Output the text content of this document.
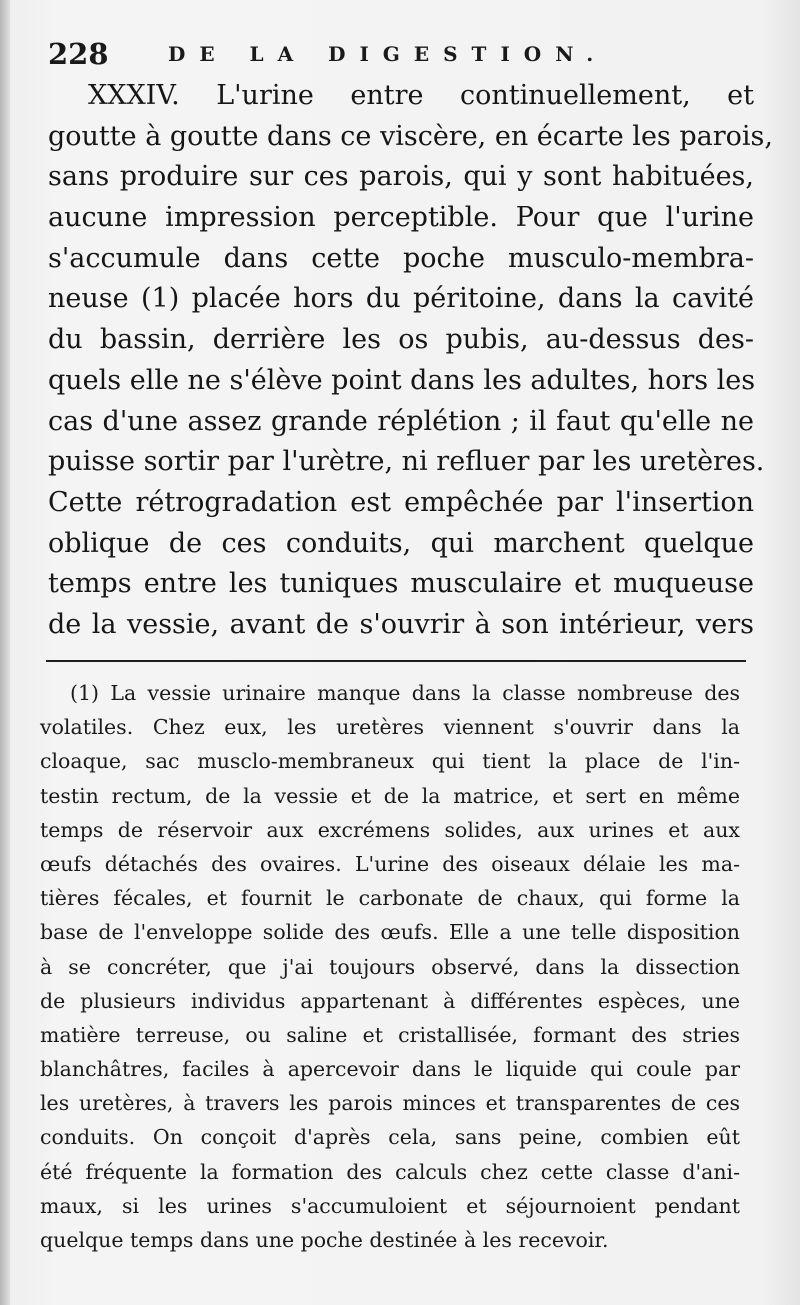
228	DE LA DIGESTION.

XXXIV. L'urine entre continuellement, et
goutte à goutte dans ce viscère, en écarte les parois,
sans produire sur ces parois, qui y sont habituées,
aucune impression perceptible. Pour que l'urine
s'accumule dans cette poche musculo-membra-
neuse (1) placée hors du péritoine, dans la cavité
du bassin, derrière les os pubis, au-dessus des-
quels elle ne s'élève point dans les adultes, hors les
cas d'une assez grande réplétion ; il faut qu'elle ne
puisse sortir par l'urètre, ni refluer par les uretères.
Cette rétrogradation est empêchée par l'insertion
oblique de ces conduits, qui marchent quelque
temps entre les tuniques musculaire et muqueuse
de la vessie, avant de s'ouvrir à son intérieur, vers

(1) La vessie urinaire manque dans la classe nombreuse des
volatiles. Chez eux, les uretères viennent s'ouvrir dans la
cloaque, sac musclo-membraneux qui tient la place de l'in-
testin rectum, de la vessie et de la matrice, et sert en même
temps de réservoir aux excrémens solides, aux urines et aux
œufs détachés des ovaires. L'urine des oiseaux délaie les ma-
tières fécales, et fournit le carbonate de chaux, qui forme la
base de l'enveloppe solide des œufs. Elle a une telle disposition
à se concréter, que j'ai toujours observé, dans la dissection
de plusieurs individus appartenant à différentes espèces, une
matière terreuse, ou saline et cristallisée, formant des stries
blanchâtres, faciles à apercevoir dans le liquide qui coule par
les uretères, à travers les parois minces et transparentes de ces
conduits. On conçoit d'après cela, sans peine, combien eût
été fréquente la formation des calculs chez cette classe d'ani-
maux, si les urines s'accumuloient et séjournoient pendant
quelque temps dans une poche destinée à les recevoir.
